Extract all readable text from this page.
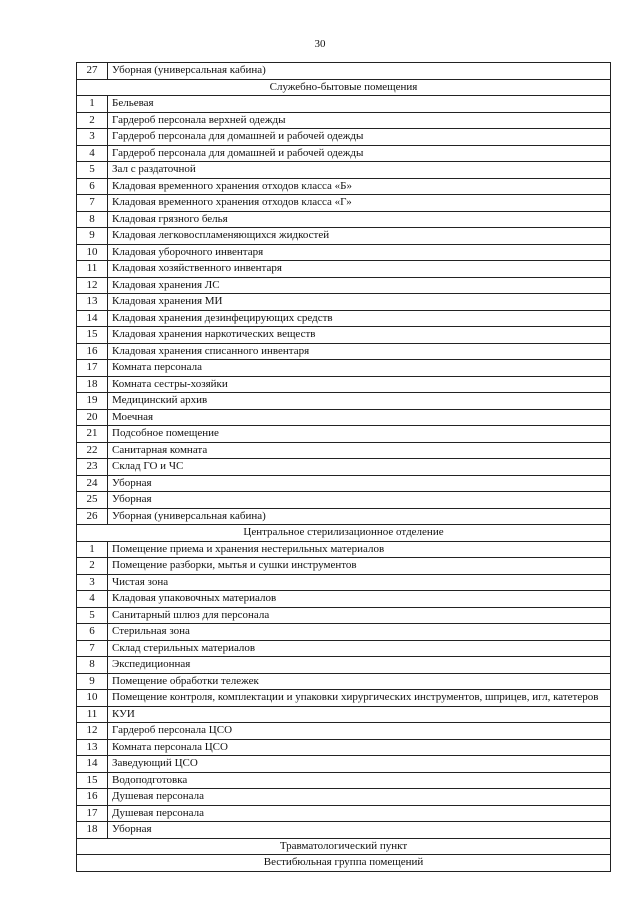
30
27	Уборная (универсальная кабина)
Служебно-бытовые помещения	
1	Бельевая
2	Гардероб персонала верхней одежды
3	Гардероб персонала для домашней и рабочей одежды
4	Гардероб персонала для домашней и рабочей одежды
5	Зал с раздаточной
6	Кладовая временного хранения отходов класса «Б»
7	Кладовая временного хранения отходов класса «Г»
8	Кладовая грязного белья
9	Кладовая легковоспламеняющихся жидкостей
10	Кладовая уборочного инвентаря
11	Кладовая хозяйственного инвентаря
12	Кладовая хранения ЛС
13	Кладовая хранения МИ
14	Кладовая хранения дезинфецирующих средств
15	Кладовая хранения наркотических веществ
16	Кладовая хранения списанного инвентаря
17	Комната персонала
18	Комната сестры-хозяйки
19	Медицинский архив
20	Моечная
21	Подсобное помещение
22	Санитарная комната
23	Склад ГО и ЧС
24	Уборная
25	Уборная
26	Уборная (универсальная кабина)
Центральное стерилизационное отделение	
1	Помещение приема и хранения нестерильных материалов
2	Помещение разборки, мытья и сушки инструментов
3	Чистая зона
4	Кладовая упаковочных материалов
5	Санитарный шлюз для персонала
6	Стерильная зона
7	Склад стерильных материалов
8	Экспедиционная
9	Помещение обработки тележек
10	Помещение контроля, комплектации и упаковки хирургических инструментов, шприцев, игл, катетеров
11	КУИ
12	Гардероб персонала ЦСО
13	Комната персонала ЦСО
14	Заведующий ЦСО
15	Водоподготовка
16	Душевая персонала
17	Душевая персонала
18	Уборная
Травматологический пункт	
Вестибюльная группа помещений	
